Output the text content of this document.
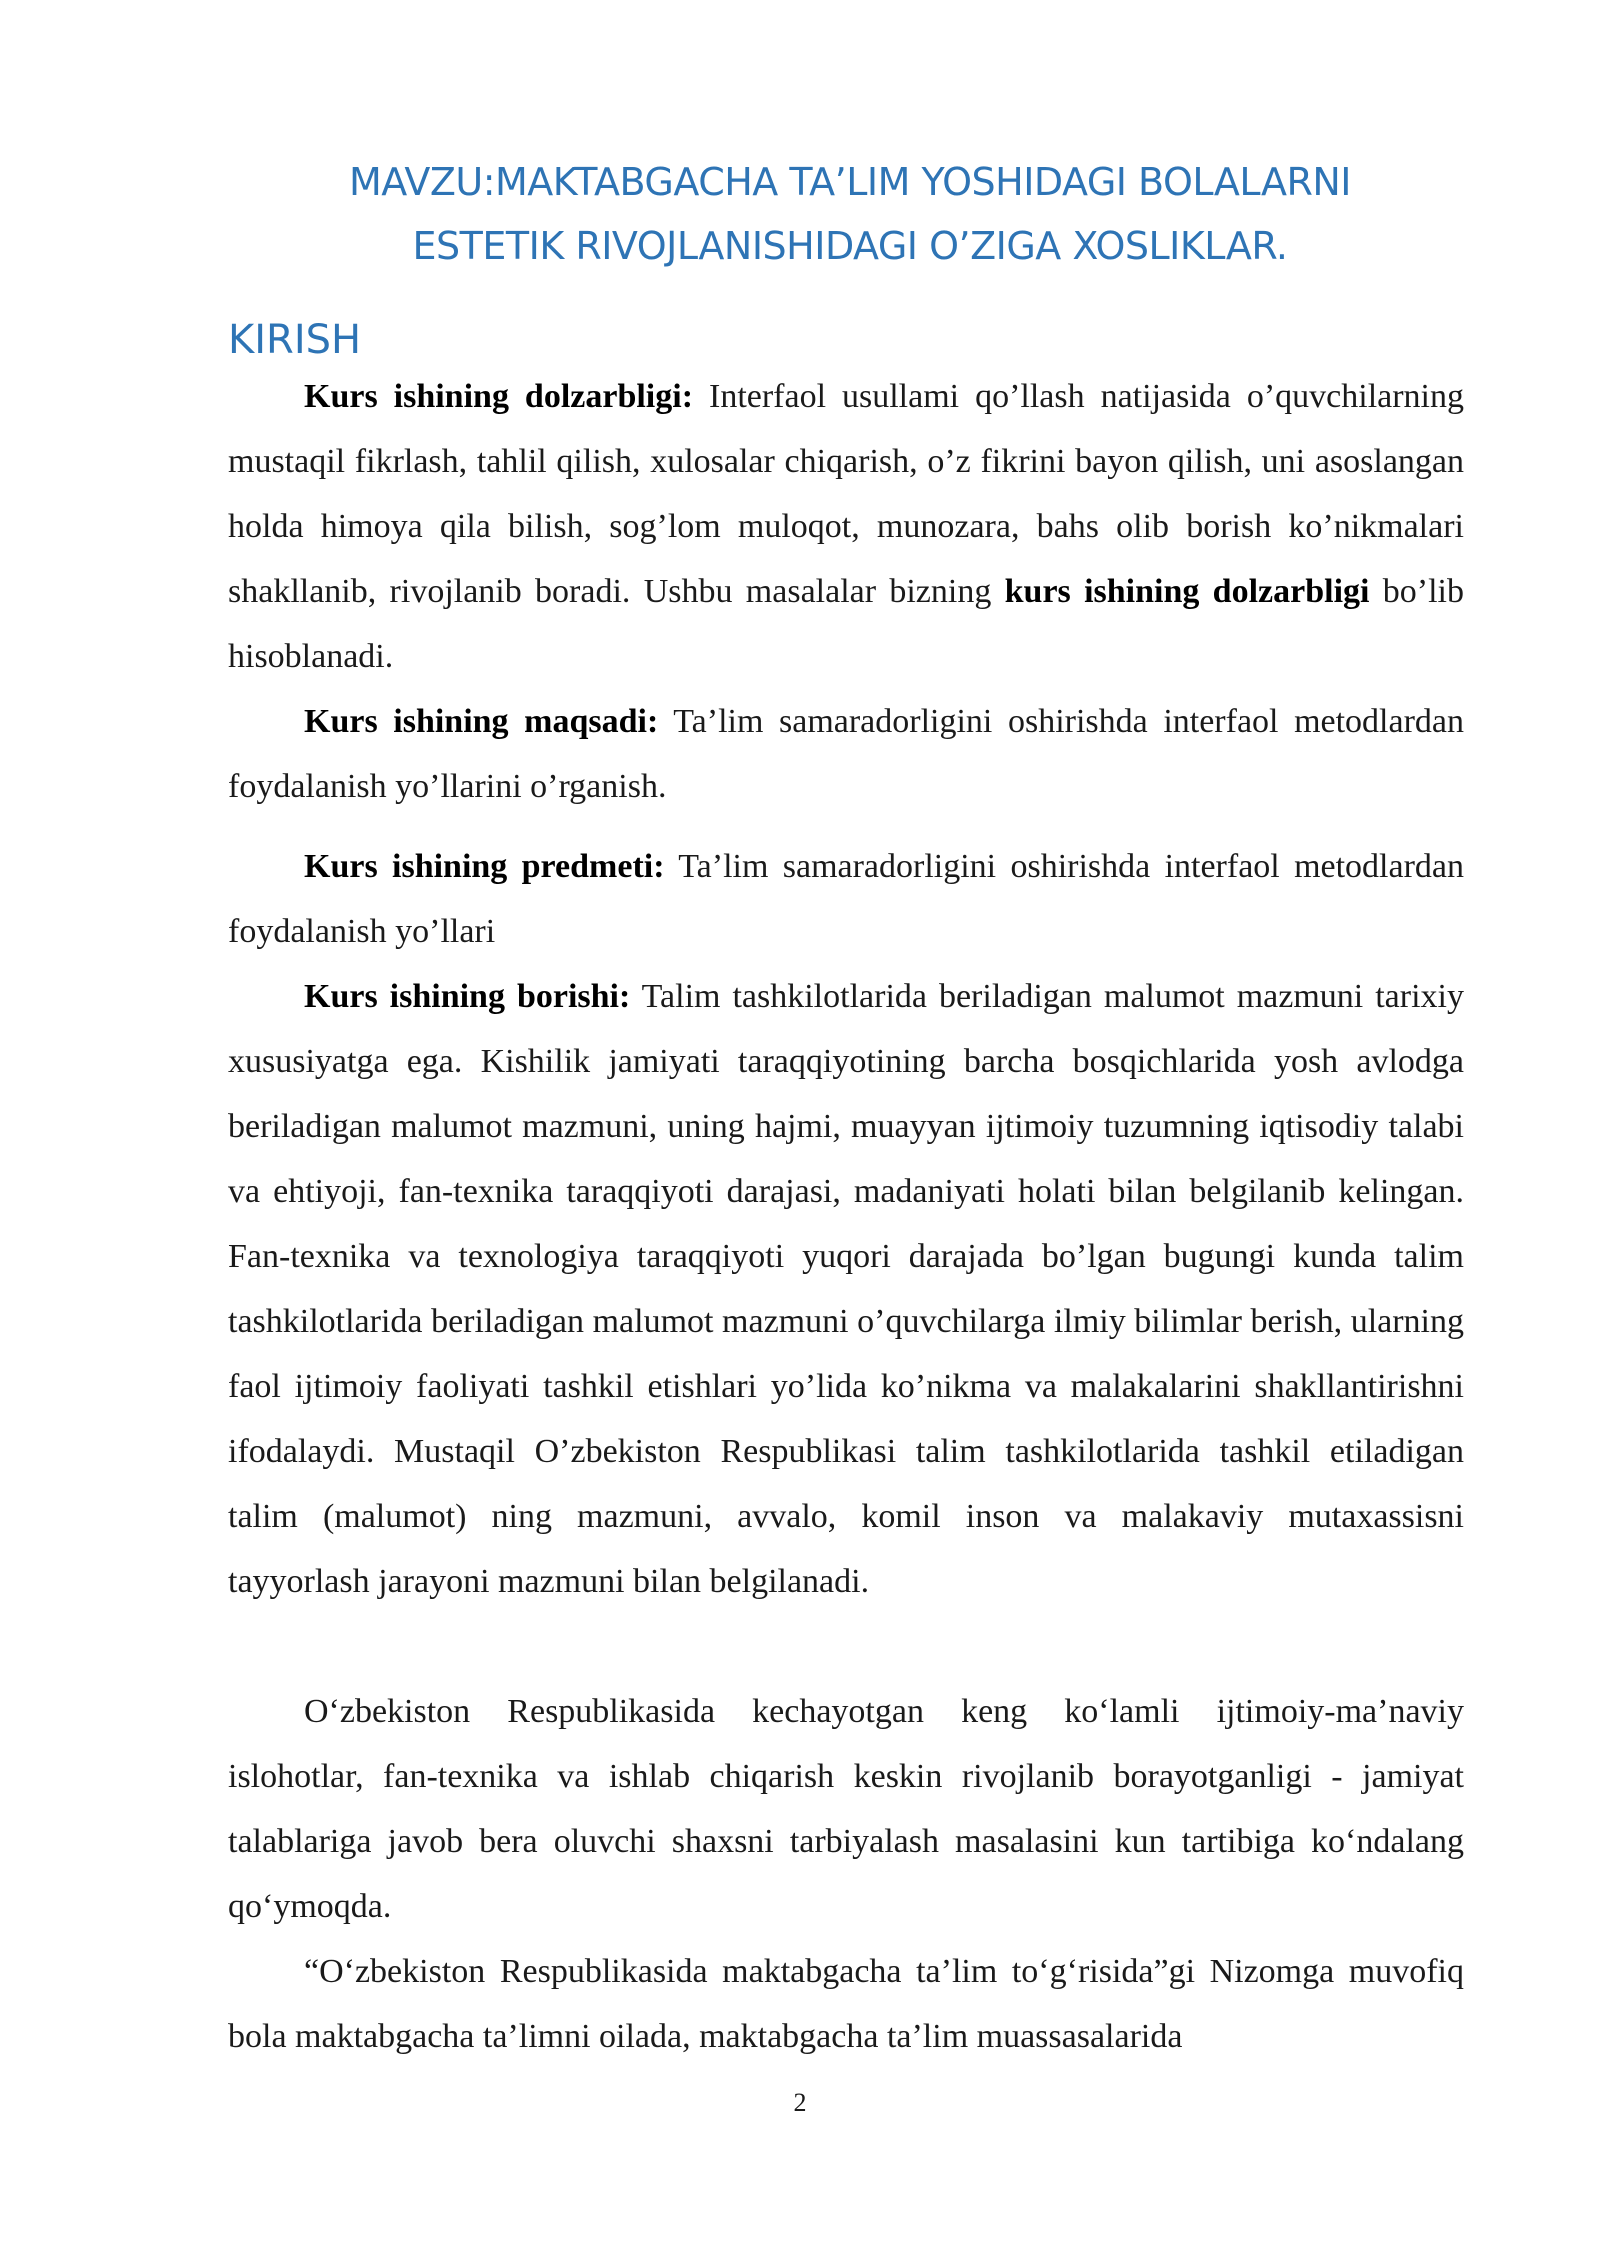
MAVZU:MAKTABGACHA TA’LIM YOSHIDAGI BOLALARNI
ESTETIK RIVOJLANISHIDAGI O’ZIGA XOSLIKLAR.
KIRISH

Kurs ishining dolzarbligi: Interfaol usullami qo’llash natijasida o’quvchilarning mustaqil fikrlash, tahlil qilish, xulosalar chiqarish, o’z fikrini bayon qilish, uni asoslangan holda himoya qila bilish, sog’lom muloqot, munozara, bahs olib borish ko’nikmalari shakllanib, rivojlanib boradi. Ushbu masalalar bizning kurs ishining dolzarbligi bo’lib hisoblanadi.

Kurs ishining maqsadi: Ta’lim samaradorligini oshirishda interfaol metodlardan foydalanish yo’llarini o’rganish.

Kurs ishining predmeti: Ta’lim samaradorligini oshirishda interfaol metodlardan foydalanish yo’llari

Kurs ishining borishi: Talim tashkilotlarida beriladigan malumot mazmuni tarixiy xususiyatga ega. Kishilik jamiyati taraqqiyotining barcha bosqichlarida yosh avlodga beriladigan malumot mazmuni, uning hajmi, muayyan ijtimoiy tuzumning iqtisodiy talabi va ehtiyoji, fan-texnika taraqqiyoti darajasi, madaniyati holati bilan belgilanib kelingan. Fan-texnika va texnologiya taraqqiyoti yuqori darajada bo’lgan bugungi kunda talim tashkilotlarida beriladigan malumot mazmuni o’quvchilarga ilmiy bilimlar berish, ularning faol ijtimoiy faoliyati tashkil etishlari yo’lida ko’nikma va malakalarini shakllantirishni ifodalaydi. Mustaqil O’zbekiston Respublikasi talim tashkilotlarida tashkil etiladigan talim (malumot) ning mazmuni, avvalo, komil inson va malakaviy mutaxassisni tayyorlash jarayoni mazmuni bilan belgilanadi.

O‘zbekiston Respublikasida kechayotgan keng ko‘lamli ijtimoiy-ma’naviy islohotlar, fan-texnika va ishlab chiqarish keskin rivojlanib borayotganligi - jamiyat talablariga javob bera oluvchi shaxsni tarbiyalash masalasini kun tartibiga ko‘ndalang qo‘ymoqda.

“O‘zbekiston Respublikasida maktabgacha ta’lim to‘g‘risida”gi Nizomga muvofiq bola maktabgacha ta’limni oilada, maktabgacha ta’lim muassasalarida

2
